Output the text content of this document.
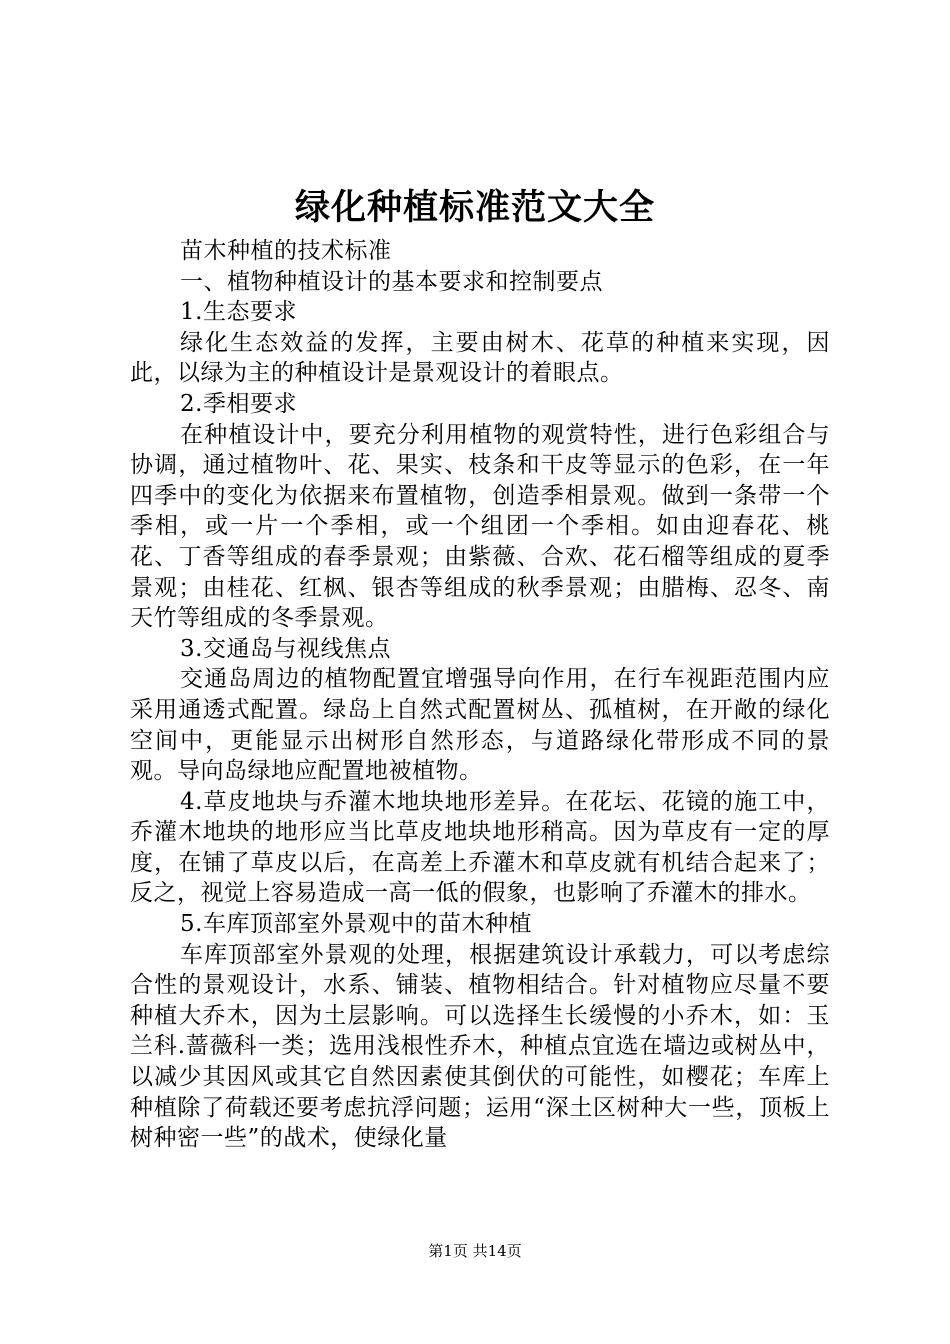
绿化种植标准范文大全

苗木种植的技术标准

一、植物种植设计的基本要求和控制要点

1.生态要求

绿化生态效益的发挥，主要由树木、花草的种植来实现，因此，以绿为主的种植设计是景观设计的着眼点。

2.季相要求

在种植设计中，要充分利用植物的观赏特性，进行色彩组合与协调，通过植物叶、花、果实、枝条和干皮等显示的色彩，在一年四季中的变化为依据来布置植物，创造季相景观。做到一条带一个季相，或一片一个季相，或一个组团一个季相。如由迎春花、桃花、丁香等组成的春季景观；由紫薇、合欢、花石榴等组成的夏季景观；由桂花、红枫、银杏等组成的秋季景观；由腊梅、忍冬、南天竹等组成的冬季景观。

3.交通岛与视线焦点

交通岛周边的植物配置宜增强导向作用，在行车视距范围内应采用通透式配置。绿岛上自然式配置树丛、孤植树，在开敞的绿化空间中，更能显示出树形自然形态，与道路绿化带形成不同的景观。导向岛绿地应配置地被植物。

4.草皮地块与乔灌木地块地形差异。在花坛、花镜的施工中，乔灌木地块的地形应当比草皮地块地形稍高。因为草皮有一定的厚度，在铺了草皮以后，在高差上乔灌木和草皮就有机结合起来了；反之，视觉上容易造成一高一低的假象，也影响了乔灌木的排水。

5.车库顶部室外景观中的苗木种植

车库顶部室外景观的处理，根据建筑设计承载力，可以考虑综合性的景观设计，水系、铺装、植物相结合。针对植物应尽量不要种植大乔木，因为土层影响。可以选择生长缓慢的小乔木，如：玉兰科.蔷薇科一类；选用浅根性乔木，种植点宜选在墙边或树丛中，以减少其因风或其它自然因素使其倒伏的可能性，如樱花；车库上种植除了荷载还要考虑抗浮问题；运用“深土区树种大一些，顶板上树种密一些”的战术，使绿化量

第1页 共14页
